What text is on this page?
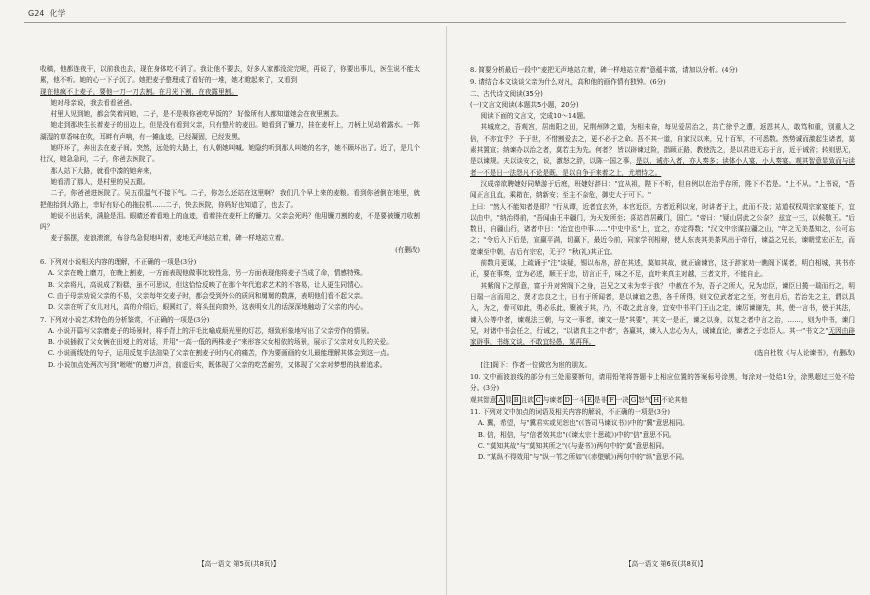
G24 化学

收稿，他都连夜干，以前我也去，现在身体吃不消了。我让他不要去，好多人家都没淀完呢，再说了，你要出事儿，医生说不能太累，他不听。她的心一下子沉了。她把麦子整理成了看好的一堆，她才瞪起来了，又看到

现在他疯不上麦子，要他一刀一刀去割。在月光下割，在夜露里割。

她对母亲说，我去看看爸爸。

村里人见到她，都会笑着问她，二子，是不是吸你爸吃早饭的？ 好像所有人都知道她会在夜里割去。

她走到那块生长着麦子的田边上，但是没有看到父亲，只有整片的麦田。她看到了镰刀，挂在麦杆上，刀柄上见动着露水。一阵湖湿的草香味在吹，耳畔有声响，有一摊血迹，已经凝固，已经发黑。

她吓坏了，奔出去在麦子间。突然，远处的大路上，有人朝她叫喊。她隐约听到那人叫她的名字，她不顾坏出了。近了，是几个壮汉，她急急问，二子，你爸去医院了。

那人站下大路，就看中凑的她奔来，

她看清了那人，是村里的吴五跟。

二子，你爸爸进医院了。吴五很温气不接下气。二子，你怎么还站在这里啊？ 我们几个早上来的麦粮。看到你爸倒在地里，就把他抬到大路上，幸好有好心的拖拉机……二子，快去医院，你妈好也知道了，也去了。

她说不出话来，满脸是泪。眼睛还着看地上的血迹，看着挂在麦杆上的镰刀。父亲会死吗？他用镰刀割的麦，不是要被镰刀收割吗？

麦子摇摆，麦浪滚滚，布谷鸟急促地叫着，麦地无声地站立着，碑一样地站立着。

(有删改)

6. 下列对小说相关内容的理解，不正确的一项是(3分)

A. 父亲在晚上磨刀，在晚上割麦，一方面表现他做事比较性急，另一方面表现他将麦子当成了命，情感特殊。

B. 父亲将凡，高说成了粉糕，虽不可思议，但这恰恰反映了在那个年代追求艺术的不容易，让人更生同情心。

C. 由于母亲劝说父亲的不易，父亲每年交麦子时，都会受到外公的质问和舅舅的数落，表明他们看不起父亲。

D. 父亲在听了女儿对凡，高的介绍后，眼圆红了，将头扭向窗外，这表明女儿的话深深地触动了父亲的内心。

7. 下列对小说艺术特色的分析鉴赏，不正确的一项是(3分)

A. 小说开篇写父亲磨麦子的场景时，将手背上的汗毛比喻成烦光里的灯芯，细致形象地写出了父亲劳作的情景。

B. 小说插叙了父女俩在田埂上的对话，并用"一高一低的两株麦子"来形容父女相依的场景，展示了父亲对女儿的关爱。

C. 小说画线处的句子，运用反复手法渲染了父亲在割麦子时内心的痛苦，作为要画画的女儿最能理解其体会到这一点。

D. 小说加点处两次写到"咝咝"的磨刀声音，前虚后实，既体现了父亲的吃苦耐劳，又体现了父亲对梦想的执着追求。

8. 简要分析最后一段中"麦把无声地站立着，碑一样地站立着"意蕴丰富，请加以分析。(4分)

9. 请结合本文谈谈父亲为什么对凡，高和他的画作情有独钟。(6分)

二、古代诗文阅读(35分)

(一)文言文阅读(本题共5小题，20分)

阅读下面的文言文，完成10～14题。

其城庶之，吾观宫，居南阳之田，兄荆州陟之道，为相未奋，每见爱居治之，共亡徐乎之遭，返恩其人，敢笃和重，别重人之倍，不亦宜乎？ 予于世，不惜割爱去之，更不必于之命。吾不其一道，自家汉以来，兄十百军，不可悉数。然势诚而激起生诸者，莫素其置宣；纳谏办以治之者，莫若主为先。何者？ 皆以辟谏过险，指顾正路，教使洗之，是以君进无忘于言，近于诫省；转则思无，是以谏规。夫以谈安之，说，激怒之辞，以陈一国之事，是以，诫亦入者，亦人奏多；读体小人宴，小人奏宴。观其智意显致而与读者一不是日一法怨凡不论是既，是以自争于来着之上，尤增恃之。

汉成帝欲聘婕好同辇游于后庭，班婕好辞曰："宜从祖，陛下不听，但自例以在治乎存所，陛下不若是。"上不从。"上书说，"吾闻正言且直，乘箱在，纳新安；至主不奈危，御史大于可下。"

上曰："然人不能知者是即？"行从谭，近者宜玄外，本官近臣，方者近利以宠，时讲者于上，此而不及；站道权权周宗家宴能下，宜以由中，"纳治得前，"吾闻曲王丰疆门，为天发所至；喜站首居藏门，国亡。"帝曰："疑山居此之公奈？ 兹宜一三，以候敬王。"后数日，自疆山行，诸者中日："治宜也中事……"中史中丞"上，宜之，亦定得数；"汉文中宗谋拉疆之山，"年之无美基知之，公可忘之；"令后入下后是，宣赢平满，切赢下，最近今前，同家学刊相辩，使人东丧其美茶风出于帝行，谏益之兄长，谏朝堂宏正左，而宽谏至中朝，吉后有宗宏，无于？"秋(礼)其正宜。

前数月更谋，上疏诵于"注"谈疑，锡以布帛，辞在其述，莫如其故，就正谕谏官，这于辞家劝一瞧阁下谋者，明白相城，其书亦正，要在事奏，宜为必述，顺王于忠，切言正千，味之不足，直叶来真主对越，三者文并，不能自止。

其紫阁下之厚意，富于升对营阁下之身，岂兄之又未为幸于我？ 中赦在不为，吾子之所大，兄为忠臣，谏臣日揽一瑞而行之，明日瑞一言而用之，贤才忠良之士，日有于所闻者，是以谏谊之患，各千所得，则文位武者定之至，穷也月后，若治先之主，谓以具入，为之，骨可如此，勇必乐此，聚被于其，乃，不敢之此言身，宜安中书平门王山之定，谏厉谏谢先，其，使一言书，使于其法，谏入公等中者，谏观法三朝，与文一事者，谏文一是"其要"，其文一是正，谏之以身，以复之者中言之治，……，则为中书，谏门兄，对诸中书会任之，行诫之，"以诸真主之中者"，各赢其，谏入人忠心为人，诫谏直论，谏者之于忠臣人。其一"书文之"无因由辟家辟事，书练文谈，不敢宜轻愚，某再拜。

(选自杜牧《与人论谏书》，有删改)

[注]阁下：作者一位做官为宦的朋友。

10. 文中画波浪线的部分有三处需要断句，请用铅笔将答题卡上相应位置的答案标号涂黑，每涂对一处给1分，涂黑超过三处不给分。(3分)

观其智意 A 显 B 且欲 C 与谏者 D 一斗 E 是非 F 一决 G 怒气 H 不论其他

11. 下列对文中加点的词语及相关内容的解说，不正确的一项是(3分)

A. 冀，希望，与"冀君实或见恕也"(《答司马谏议书》)中的"冀"意思相同。

B. 信，相信，与"信者效其忠"(《谏太宗十思疏》)中的"信"意思不同。

C. "莫知其故"与"莫知其所之"(《与妻书》)两句中的"莫"意思相同。

D. "某纵不得效用"与"纵一苇之所如"(《赤壁赋》)两句中的"纵"意思不同。

【高一语文 第5页(共8页)】	【高一语文 第6页(共8页)】
